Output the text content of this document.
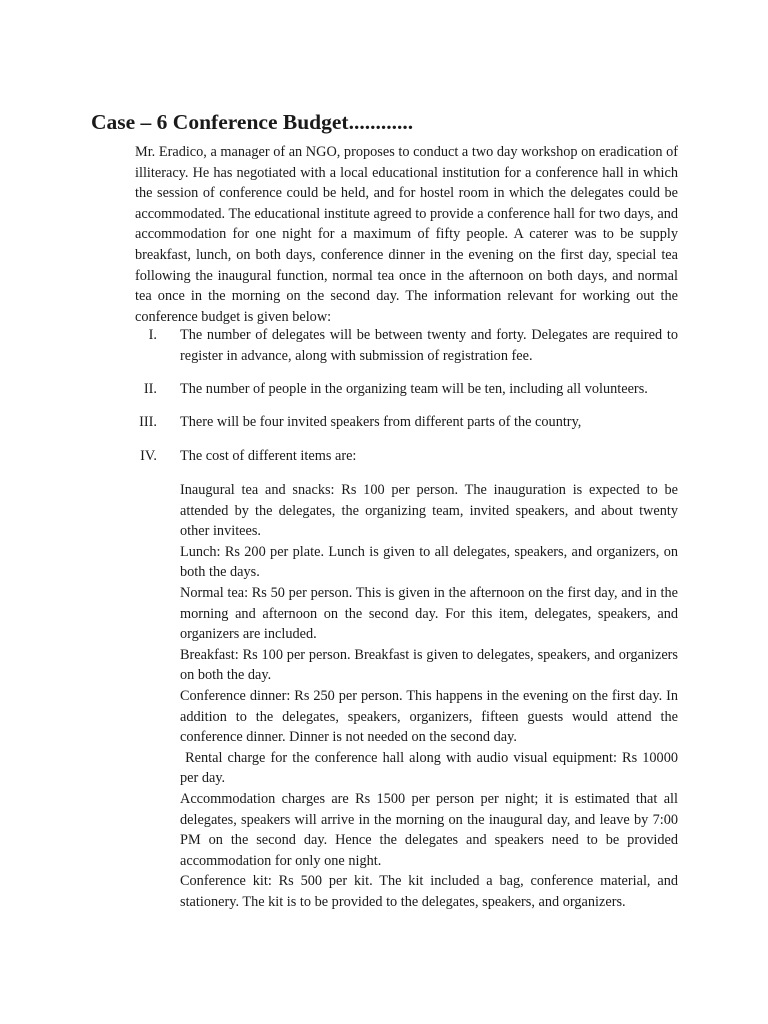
Case – 6 Conference Budget............

Mr. Eradico, a manager of an NGO, proposes to conduct a two day workshop on eradication of illiteracy. He has negotiated with a local educational institution for a conference hall in which the session of conference could be held, and for hostel room in which the delegates could be accommodated. The educational institute agreed to provide a conference hall for two days, and accommodation for one night for a maximum of fifty people. A caterer was to be supply breakfast, lunch, on both days, conference dinner in the evening on the first day, special tea following the inaugural function, normal tea once in the afternoon on both days, and normal tea once in the morning on the second day. The information relevant for working out the conference budget is given below:

I. The number of delegates will be between twenty and forty. Delegates are required to register in advance, along with submission of registration fee.
II. The number of people in the organizing team will be ten, including all volunteers.
III. There will be four invited speakers from different parts of the country,
IV. The cost of different items are:

Inaugural tea and snacks: Rs 100 per person. The inauguration is expected to be attended by the delegates, the organizing team, invited speakers, and about twenty other invitees.

Lunch: Rs 200 per plate. Lunch is given to all delegates, speakers, and organizers, on both the days.

Normal tea: Rs 50 per person. This is given in the afternoon on the first day, and in the morning and afternoon on the second day. For this item, delegates, speakers, and organizers are included.

Breakfast: Rs 100 per person. Breakfast is given to delegates, speakers, and organizers on both the day.

Conference dinner: Rs 250 per person. This happens in the evening on the first day. In addition to the delegates, speakers, organizers, fifteen guests would attend the conference dinner. Dinner is not needed on the second day.

Rental charge for the conference hall along with audio visual equipment: Rs 10000 per day.

Accommodation charges are Rs 1500 per person per night; it is estimated that all delegates, speakers will arrive in the morning on the inaugural day, and leave by 7:00 PM on the second day. Hence the delegates and speakers need to be provided accommodation for only one night.

Conference kit: Rs 500 per kit. The kit included a bag, conference material, and stationery. The kit is to be provided to the delegates, speakers, and organizers.
